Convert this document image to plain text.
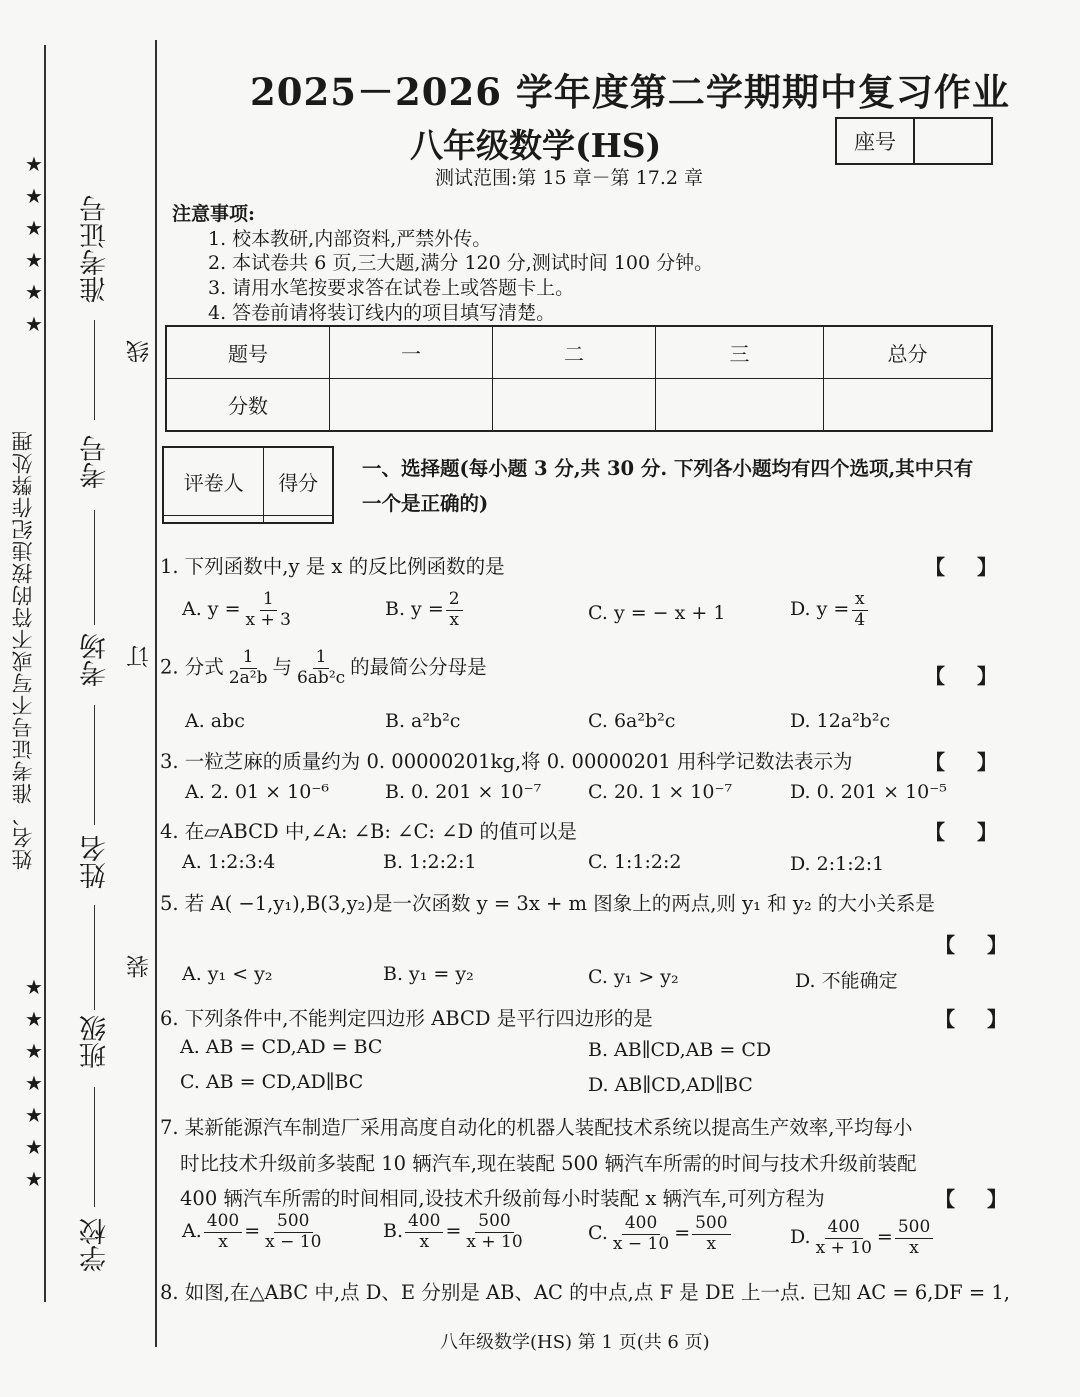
★★★★★★
★★★★★★★
姓名、准考证号不写或不符的按违纪作弊处理
准考证号
考号
考场
姓名
班级
学校
线
订
装
2025－2026 学年度第二学期期中复习作业
八年级数学(HS)
测试范围:第 15 章－第 17.2 章
座号
注意事项:
1. 校本教研,内部资料,严禁外传。
2. 本试卷共 6 页,三大题,满分 120 分,测试时间 100 分钟。
3. 请用水笔按要求答在试卷上或答题卡上。
4. 答卷前请将装订线内的项目填写清楚。
题号	一	二	三	总分
分数				
评卷人	得分

一、选择题(每小题 3 分,共 30 分. 下列各小题均有四个选项,其中只有一个是正确的)
1. 下列函数中,y 是 x 的反比例函数的是	【】
A. $y = \frac{1}{x + 3}$	B. $y = \frac{2}{x}$	C. y = − x + 1	D. $y = \frac{x}{4}$
2. 分式 $\frac{1}{\text{2a²b}}$ 与 $\frac{1}{\text{6ab²c}}$ 的最简公分母是	【】
A. abc	B. a²b²c	C. 6a²b²c	D. 12a²b²c
3. 一粒芝麻的质量约为 0. 00000201kg,将 0. 00000201 用科学记数法表示为	【】
A. 2. 01 × 10⁻⁶	B. 0. 201 × 10⁻⁷ C. 20. 1 × 10⁻⁷	D. 0. 201 × 10⁻⁵
4. 在▱ABCD 中,∠A: ∠B: ∠C: ∠D 的值可以是	【】
A. 1:2:3:4	B. 1:2:2:1	C. 1:1:2:2	D. 2:1:2:1
5. 若 A( −1,y₁),B(3,y₂)是一次函数 y = 3x + m 图象上的两点,则 y₁ 和 y₂ 的大小关系是
【】
A. y₁ < y₂	B. y₁ = y₂	C. y₁ > y₂	D. 不能确定
6. 下列条件中,不能判定四边形 ABCD 是平行四边形的是	【】
A. AB = CD,AD = BC	B. AB∥CD,AB = CD
C. AB = CD,AD∥BC	D. AB∥CD,AD∥BC
7. 某新能源汽车制造厂采用高度自动化的机器人装配技术系统以提高生产效率,平均每小
时比技术升级前多装配 10 辆汽车,现在装配 500 辆汽车所需的时间与技术升级前装配
400 辆汽车所需的时间相同,设技术升级前每小时装配 x 辆汽车,可列方程为	【】
A. $\frac{400}{x} = \frac{500}{x - 10}$	B. $\frac{400}{x} = \frac{500}{x + 10}$	C. $\frac{400}{x - 10} = \frac{500}{x}$	D. $\frac{400}{x + 10} = \frac{500}{x}$
8. 如图,在△ABC 中,点 D、E 分别是 AB、AC 的中点,点 F 是 DE 上一点. 已知 AC = 6,DF = 1,
八年级数学(HS) 第 1 页(共 6 页)
